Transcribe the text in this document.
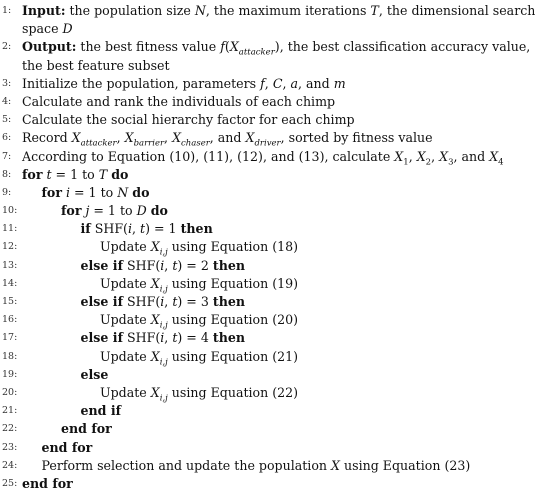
1: Input: the population size N, the maximum iterations T, the dimensional search
space D
2: Output: the best fitness value $f(X_{attacker})$, the best classification accuracy value,
the best feature subset
3: Initialize the population, parameters f, C, a, and m
4: Calculate and rank the individuals of each chimp
5: Calculate the social hierarchy factor for each chimp
6: Record $X_{attacker}$, $X_{barrier}$, $X_{chaser}$, and $X_{driver}$, sorted by fitness value
7: According to Equation (10), (11), (12), and (13), calculate $X_1$, $X_2$, $X_3$, and $X_4$
8: for t = 1 to T do
9:	for i = 1 to N do
10:	for j = 1 to D do
11:	if SHF(i, t) = 1 then
12:	Update $X_{i,j}$ using Equation (18)
13:	else if SHF(i, t) = 2 then
14:	Update $X_{i,j}$ using Equation (19)
15:	else if SHF(i, t) = 3 then
16:	Update $X_{i,j}$ using Equation (20)
17:	else if SHF(i, t) = 4 then
18:	Update $X_{i,j}$ using Equation (21)
19:	else
20:	Update $X_{i,j}$ using Equation (22)
21:	end if
22:	end for
23:	end for
24:	Perform selection and update the population X using Equation (23)
25: end for
